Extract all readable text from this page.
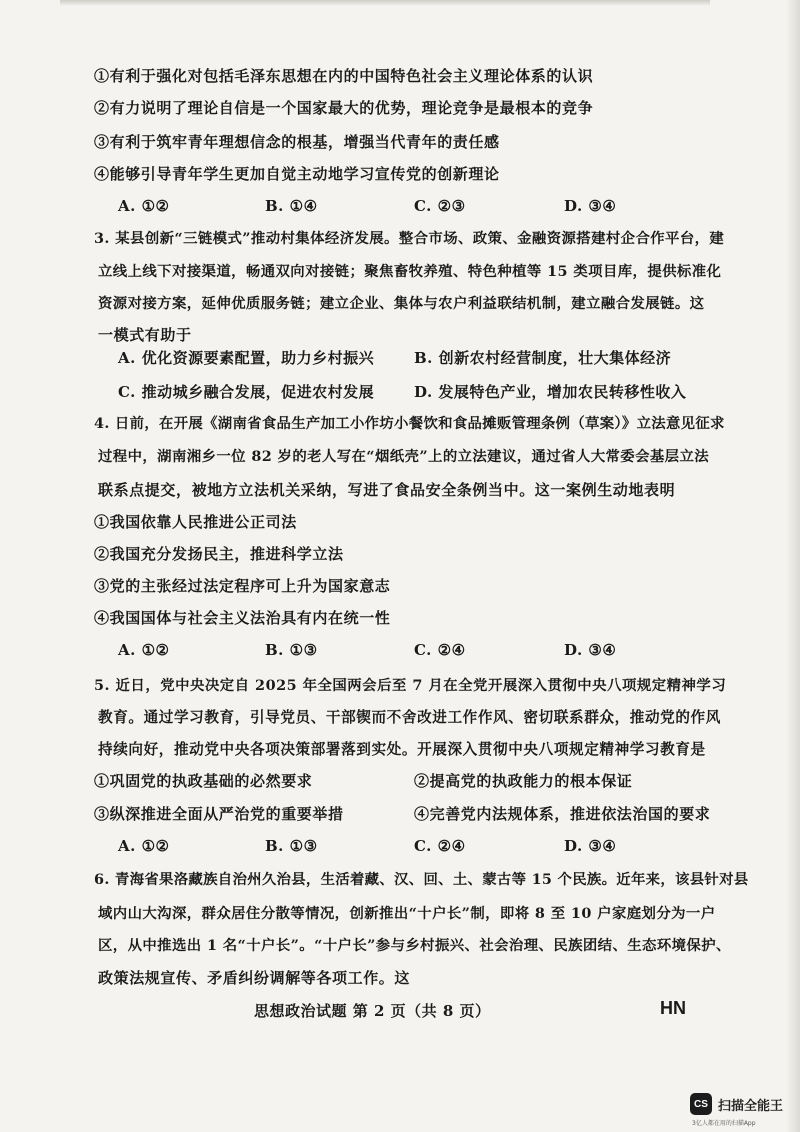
①有利于强化对包括毛泽东思想在内的中国特色社会主义理论体系的认识
②有力说明了理论自信是一个国家最大的优势，理论竞争是最根本的竞争
③有利于筑牢青年理想信念的根基，增强当代青年的责任感
④能够引导青年学生更加自觉主动地学习宣传党的创新理论
A. ①②	B. ①④	C. ②③	D. ③④
3. 某县创新“三链模式”推动村集体经济发展。整合市场、政策、金融资源搭建村企合作平台，建
立线上线下对接渠道，畅通双向对接链；聚焦畜牧养殖、特色种植等 15 类项目库，提供标准化
资源对接方案，延伸优质服务链；建立企业、集体与农户利益联结机制，建立融合发展链。这
一模式有助于
A. 优化资源要素配置，助力乡村振兴	B. 创新农村经营制度，壮大集体经济
C. 推动城乡融合发展，促进农村发展	D. 发展特色产业，增加农民转移性收入
4. 日前，在开展《湖南省食品生产加工小作坊小餐饮和食品摊贩管理条例（草案）》立法意见征求
过程中，湖南湘乡一位 82 岁的老人写在“烟纸壳”上的立法建议，通过省人大常委会基层立法
联系点提交，被地方立法机关采纳，写进了食品安全条例当中。这一案例生动地表明
①我国依靠人民推进公正司法
②我国充分发扬民主，推进科学立法
③党的主张经过法定程序可上升为国家意志
④我国国体与社会主义法治具有内在统一性
A. ①②	B. ①③	C. ②④	D. ③④
5. 近日，党中央决定自 2025 年全国两会后至 7 月在全党开展深入贯彻中央八项规定精神学习
教育。通过学习教育，引导党员、干部锲而不舍改进工作作风、密切联系群众，推动党的作风
持续向好，推动党中央各项决策部署落到实处。开展深入贯彻中央八项规定精神学习教育是
①巩固党的执政基础的必然要求	②提高党的执政能力的根本保证
③纵深推进全面从严治党的重要举措	④完善党内法规体系，推进依法治国的要求
A. ①②	B. ①③	C. ②④	D. ③④
6. 青海省果洛藏族自治州久治县，生活着藏、汉、回、土、蒙古等 15 个民族。近年来，该县针对县
域内山大沟深，群众居住分散等情况，创新推出“十户长”制，即将 8 至 10 户家庭划分为一户
区，从中推选出 1 名“十户长”。“十户长”参与乡村振兴、社会治理、民族团结、生态环境保护、
政策法规宣传、矛盾纠纷调解等各项工作。这
思想政治试题 第 2 页（共 8 页）	HN
CS 扫描全能王
3亿人都在用的扫描App
